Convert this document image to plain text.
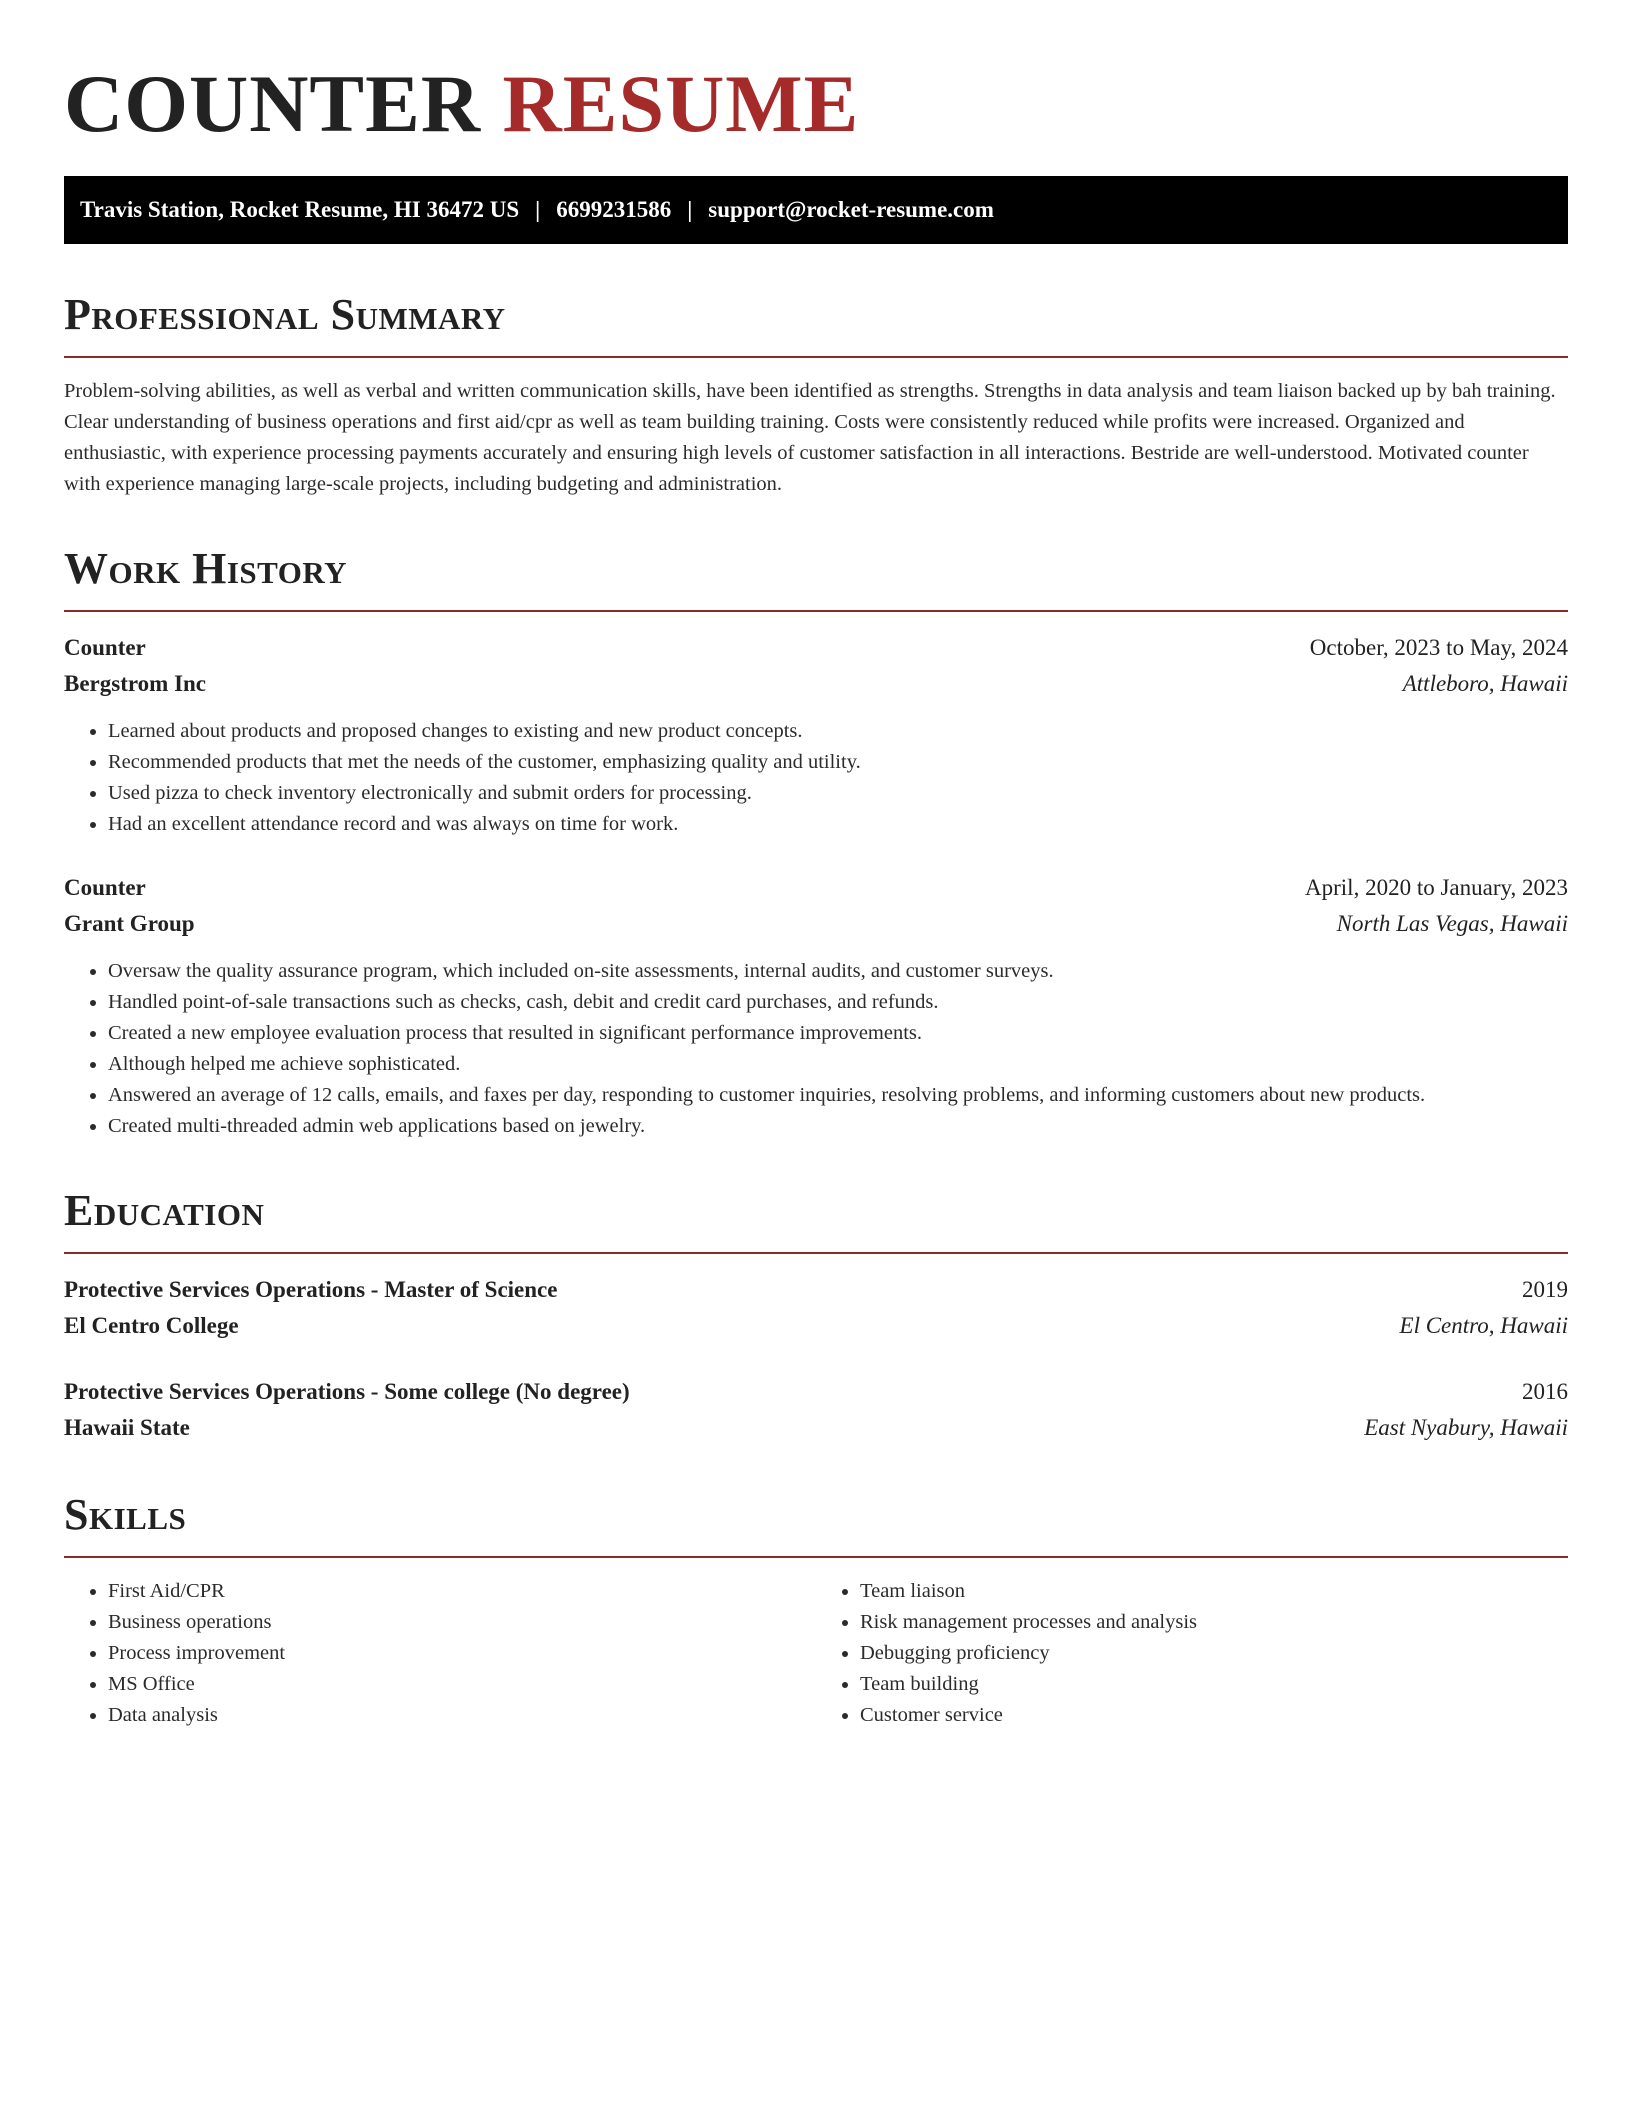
COUNTER RESUME
Travis Station, Rocket Resume, HI 36472 US | 6699231586 | support@rocket-resume.com
Professional Summary

Problem-solving abilities, as well as verbal and written communication skills, have been identified as strengths. Strengths in data analysis and team liaison backed up by bah training. Clear understanding of business operations and first aid/cpr as well as team building training. Costs were consistently reduced while profits were increased. Organized and enthusiastic, with experience processing payments accurately and ensuring high levels of customer satisfaction in all interactions. Bestride are well-understood. Motivated counter with experience managing large-scale projects, including budgeting and administration.

Work History
Counter	October, 2023 to May, 2024
Bergstrom Inc	Attleboro, Hawaii
• Learned about products and proposed changes to existing and new product concepts.
• Recommended products that met the needs of the customer, emphasizing quality and utility.
• Used pizza to check inventory electronically and submit orders for processing.
• Had an excellent attendance record and was always on time for work.
Counter	April, 2020 to January, 2023
Grant Group	North Las Vegas, Hawaii
• Oversaw the quality assurance program, which included on-site assessments, internal audits, and customer surveys.
• Handled point-of-sale transactions such as checks, cash, debit and credit card purchases, and refunds.
• Created a new employee evaluation process that resulted in significant performance improvements.
• Although helped me achieve sophisticated.
• Answered an average of 12 calls, emails, and faxes per day, responding to customer inquiries, resolving problems, and informing customers about new products.
• Created multi-threaded admin web applications based on jewelry.
Education
Protective Services Operations - Master of Science	2019
El Centro College	El Centro, Hawaii
Protective Services Operations - Some college (No degree)	2016
Hawaii State	East Nyabury, Hawaii
Skills
• First Aid/CPR
• Business operations
• Process improvement
• MS Office
• Data analysis
• Team liaison
• Risk management processes and analysis
• Debugging proficiency
• Team building
• Customer service
